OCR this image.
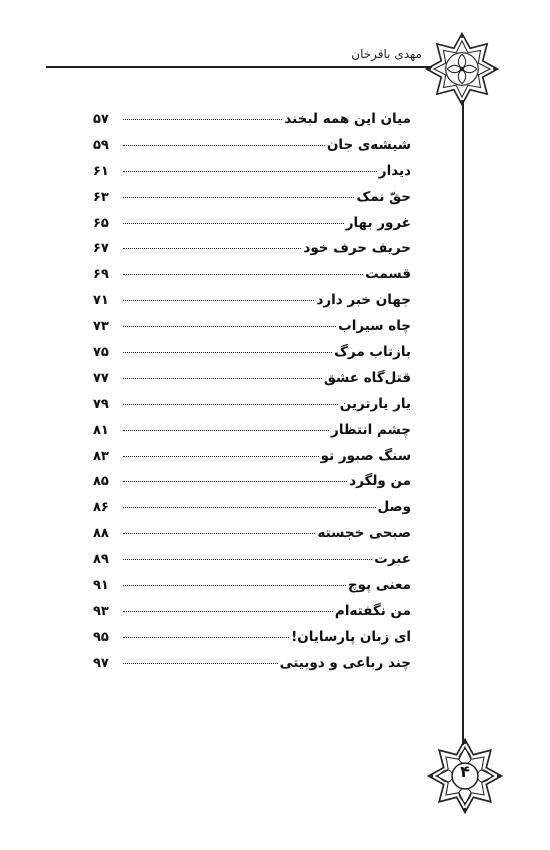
مهدی باقرخان
۴
میان این همه لبخند
۵۷
شیشه‌ی جان
۵۹
دیدار
۶۱
حقّ نمک
۶۳
غرور بهار
۶۵
حریف حرف خود
۶۷
قسمت
۶۹
جهان خبر دارد
۷۱
چاه سیراب
۷۳
بازتاب مرگ
۷۵
قتل‌گاه عشق
۷۷
یار یارترین
۷۹
چشم انتظار
۸۱
سنگ صبور تو
۸۳
من ولگرد
۸۵
وصل
۸۶
صبحی خجسته
۸۸
عبرت
۸۹
معنی پوچ
۹۱
من نگفته‌ام
۹۳
ای زبان پارسایان!
۹۵
چند رباعی و دوبیتی
۹۷
